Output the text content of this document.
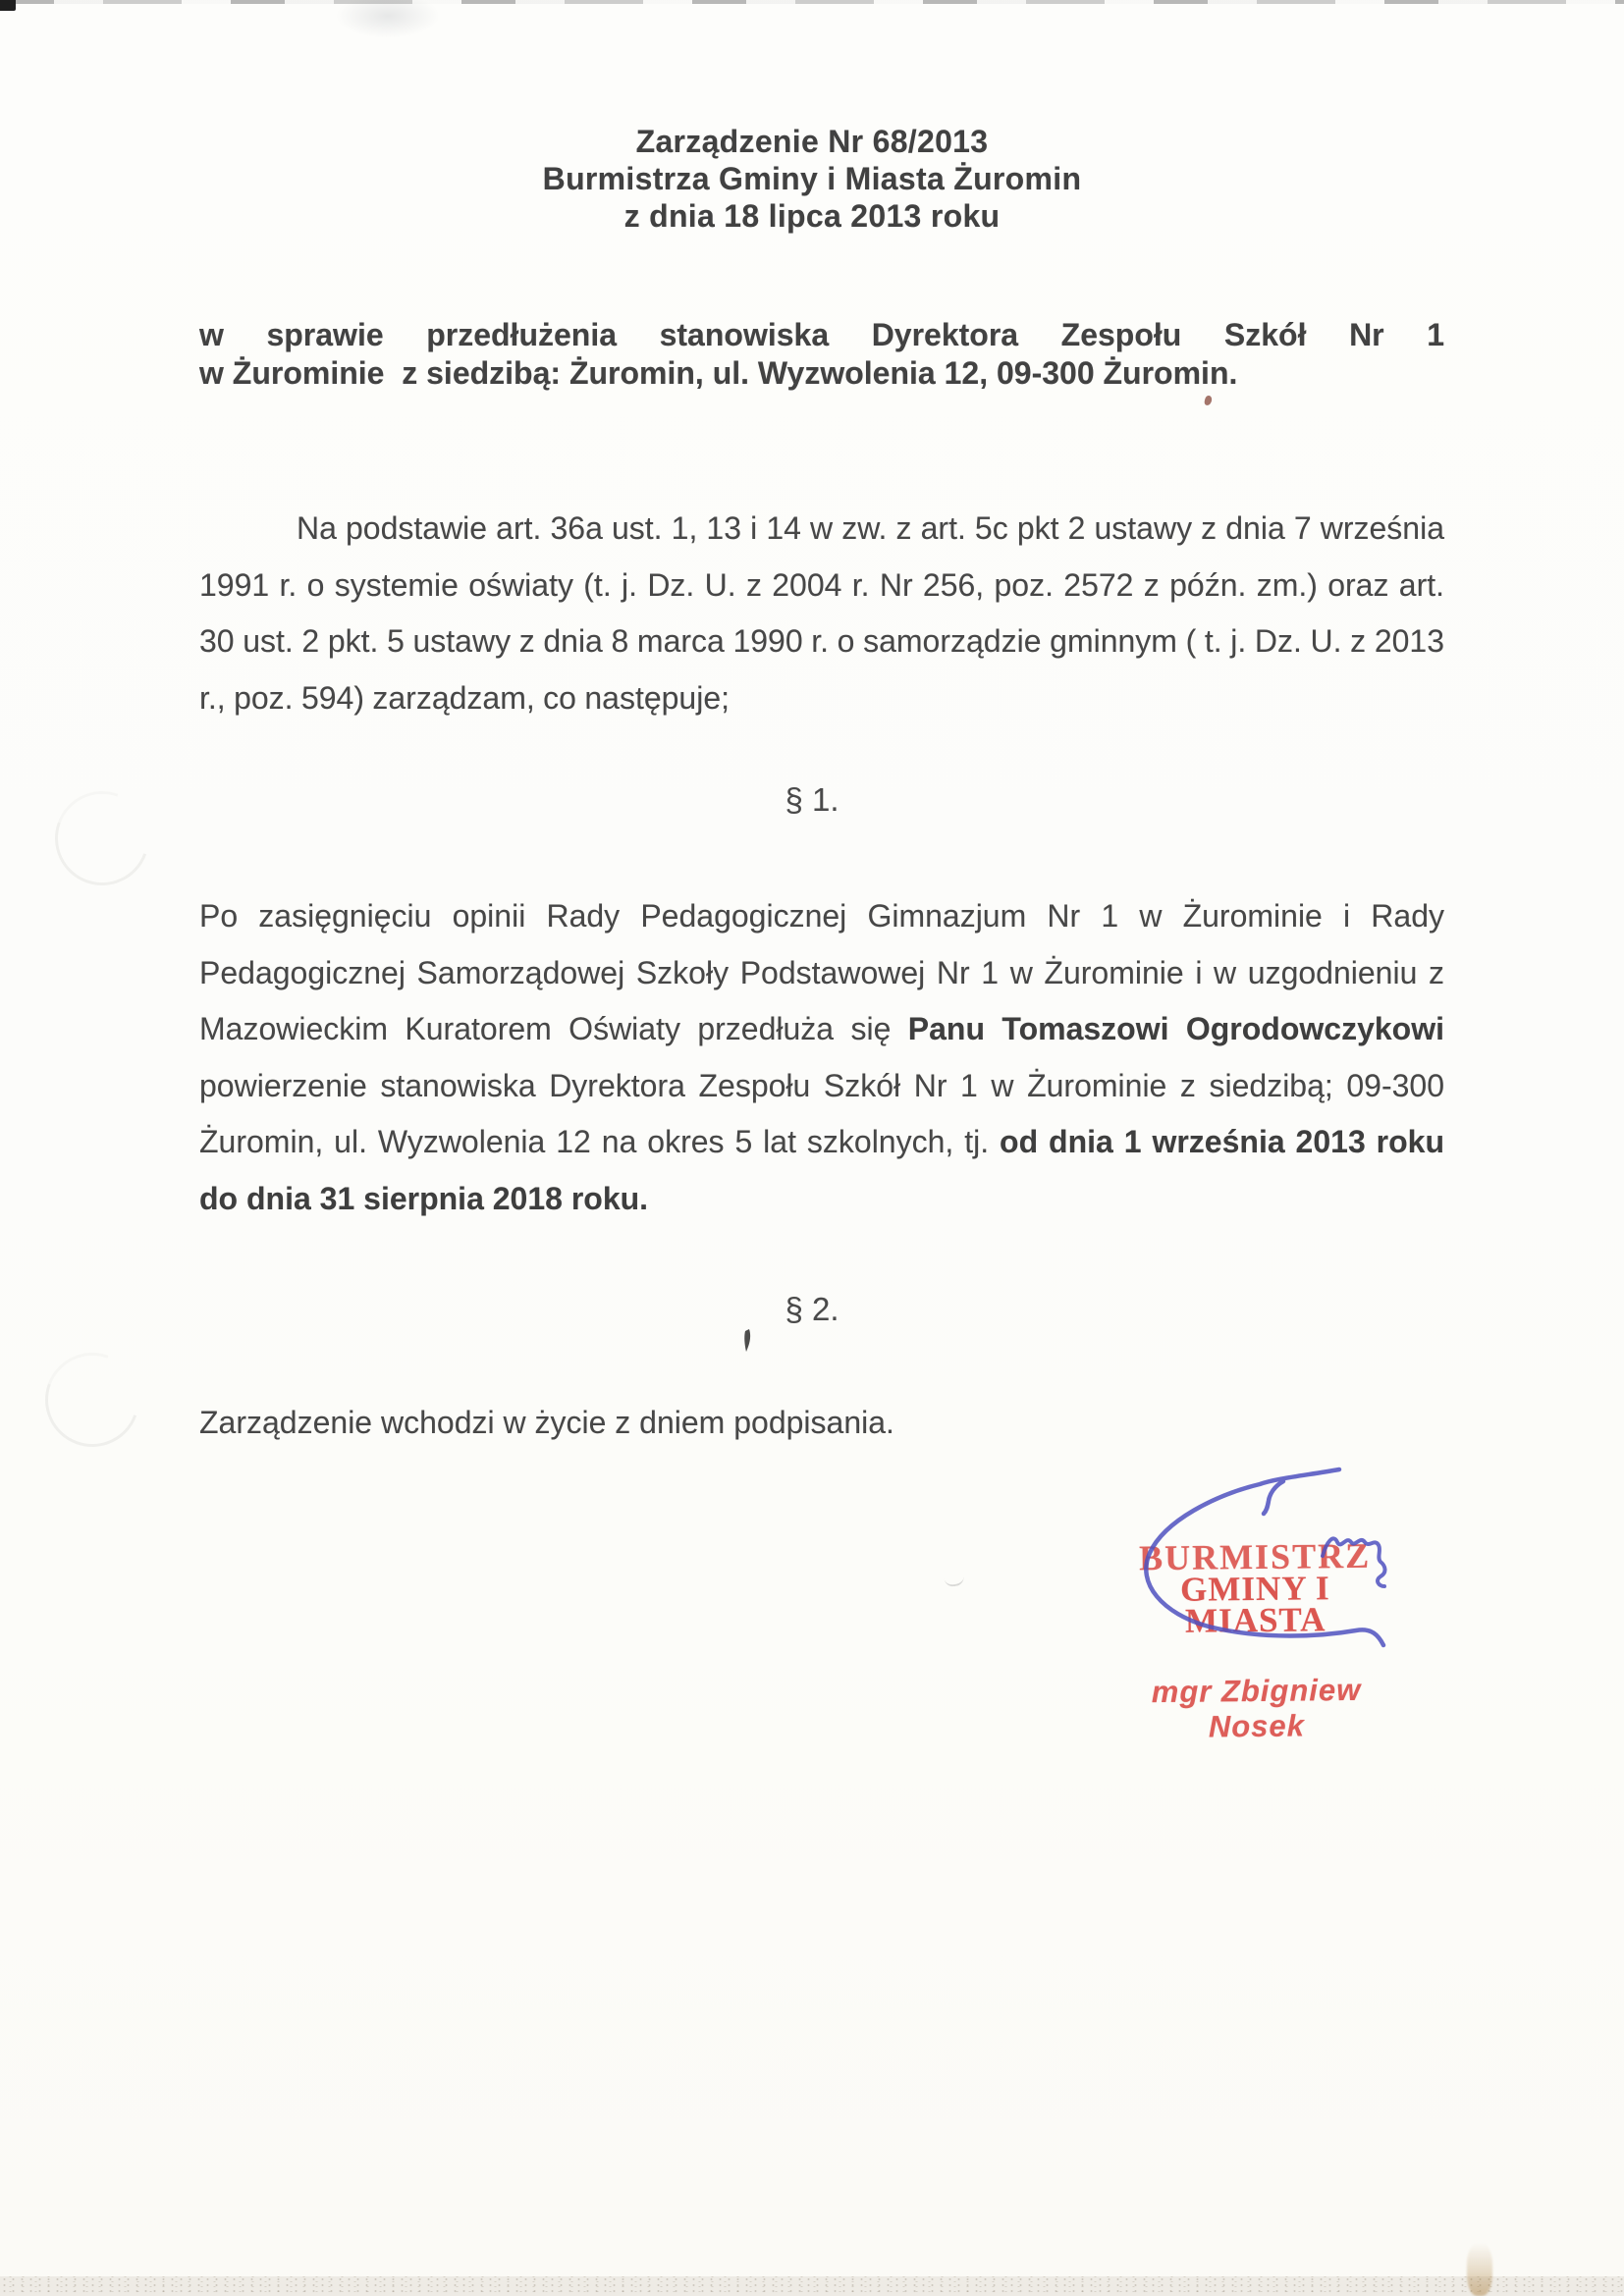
Zarządzenie Nr 68/2013
Burmistrza Gminy i Miasta Żuromin
z dnia 18 lipca 2013 roku
w sprawie przedłużenia stanowiska Dyrektora Zespołu Szkół Nr 1
w Żurominie  z siedzibą: Żuromin, ul. Wyzwolenia 12, 09-300 Żuromin.
Na podstawie art. 36a ust. 1, 13 i 14 w zw. z art. 5c pkt 2 ustawy z dnia 7 września 1991 r. o systemie oświaty (t. j. Dz. U. z 2004 r. Nr 256, poz. 2572 z późn. zm.) oraz art. 30 ust. 2 pkt. 5 ustawy z dnia 8 marca 1990 r. o samorządzie gminnym ( t. j. Dz. U. z 2013 r., poz. 594) zarządzam, co następuje;
§ 1.
Po zasięgnięciu opinii Rady Pedagogicznej Gimnazjum Nr 1 w Żurominie i Rady Pedagogicznej Samorządowej Szkoły Podstawowej Nr 1 w Żurominie i w uzgodnieniu z Mazowieckim Kuratorem Oświaty przedłuża się Panu Tomaszowi Ogrodowczykowi powierzenie stanowiska Dyrektora Zespołu Szkół Nr 1 w Żurominie z siedzibą; 09-300 Żuromin, ul. Wyzwolenia 12 na okres 5 lat szkolnych, tj. od dnia 1 września 2013 roku do dnia 31 sierpnia 2018 roku.
§ 2.
Zarządzenie wchodzi w życie z dniem podpisania.
BURMISTRZ
GMINY I MIASTA
mgr Zbigniew Nosek
